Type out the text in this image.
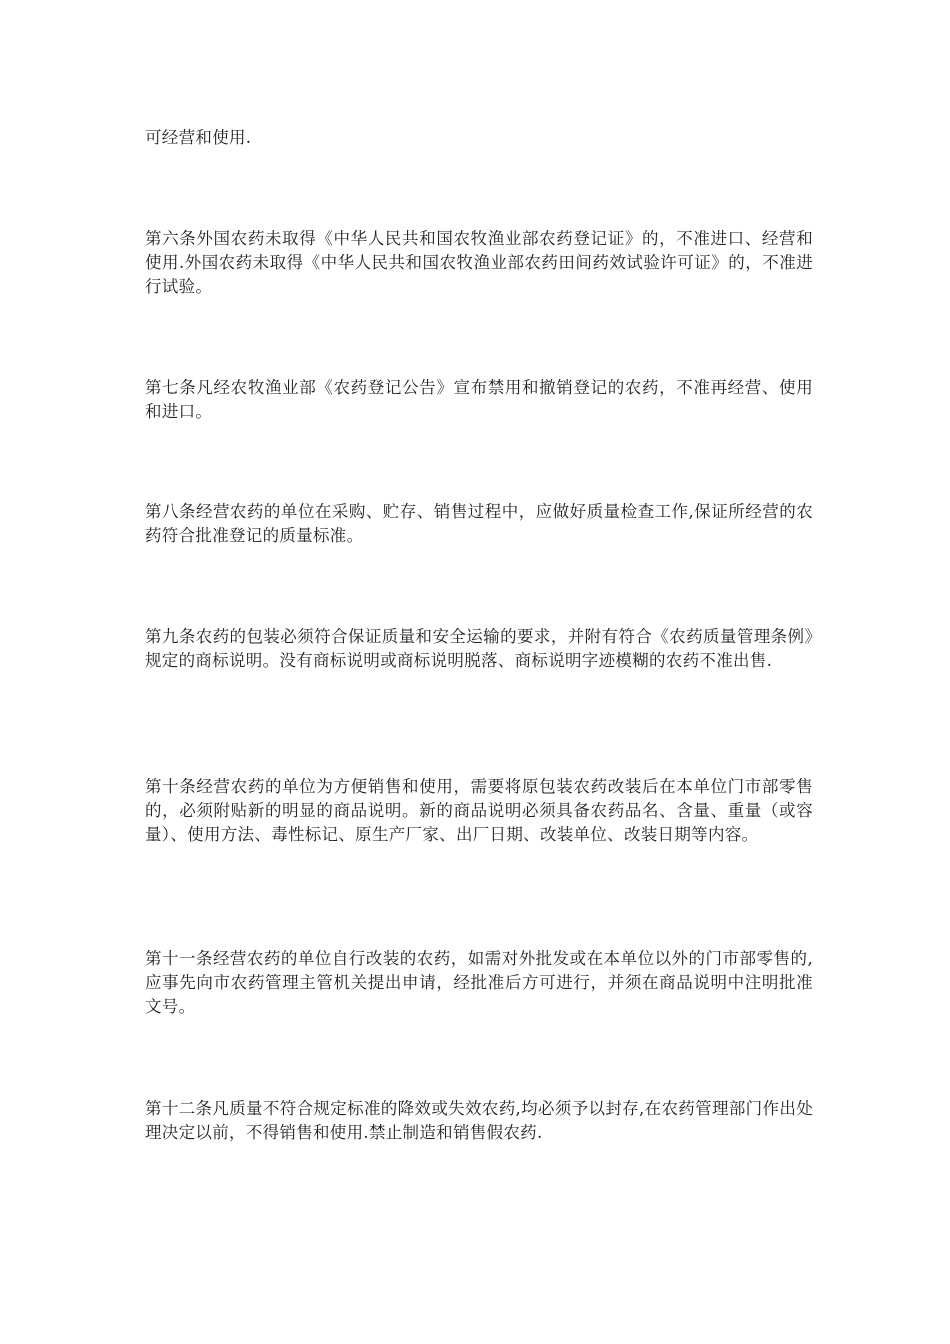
可经营和使用.

第六条外国农药未取得《中华人民共和国农牧渔业部农药登记证》的，不准进口、经营和使用.外国农药未取得《中华人民共和国农牧渔业部农药田间药效试验许可证》的，不准进行试验。

第七条凡经农牧渔业部《农药登记公告》宣布禁用和撤销登记的农药，不准再经营、使用和进口。

第八条经营农药的单位在采购、贮存、销售过程中，应做好质量检查工作,保证所经营的农药符合批准登记的质量标准。

第九条农药的包装必须符合保证质量和安全运输的要求，并附有符合《农药质量管理条例》规定的商标说明。没有商标说明或商标说明脱落、商标说明字迹模糊的农药不准出售.

第十条经营农药的单位为方便销售和使用，需要将原包装农药改装后在本单位门市部零售的，必须附贴新的明显的商品说明。新的商品说明必须具备农药品名、含量、重量（或容量）、使用方法、毒性标记、原生产厂家、出厂日期、改装单位、改装日期等内容。

第十一条经营农药的单位自行改装的农药，如需对外批发或在本单位以外的门市部零售的,应事先向市农药管理主管机关提出申请，经批准后方可进行，并须在商品说明中注明批准文号。

第十二条凡质量不符合规定标准的降效或失效农药,均必须予以封存,在农药管理部门作出处理决定以前，不得销售和使用.禁止制造和销售假农药.
